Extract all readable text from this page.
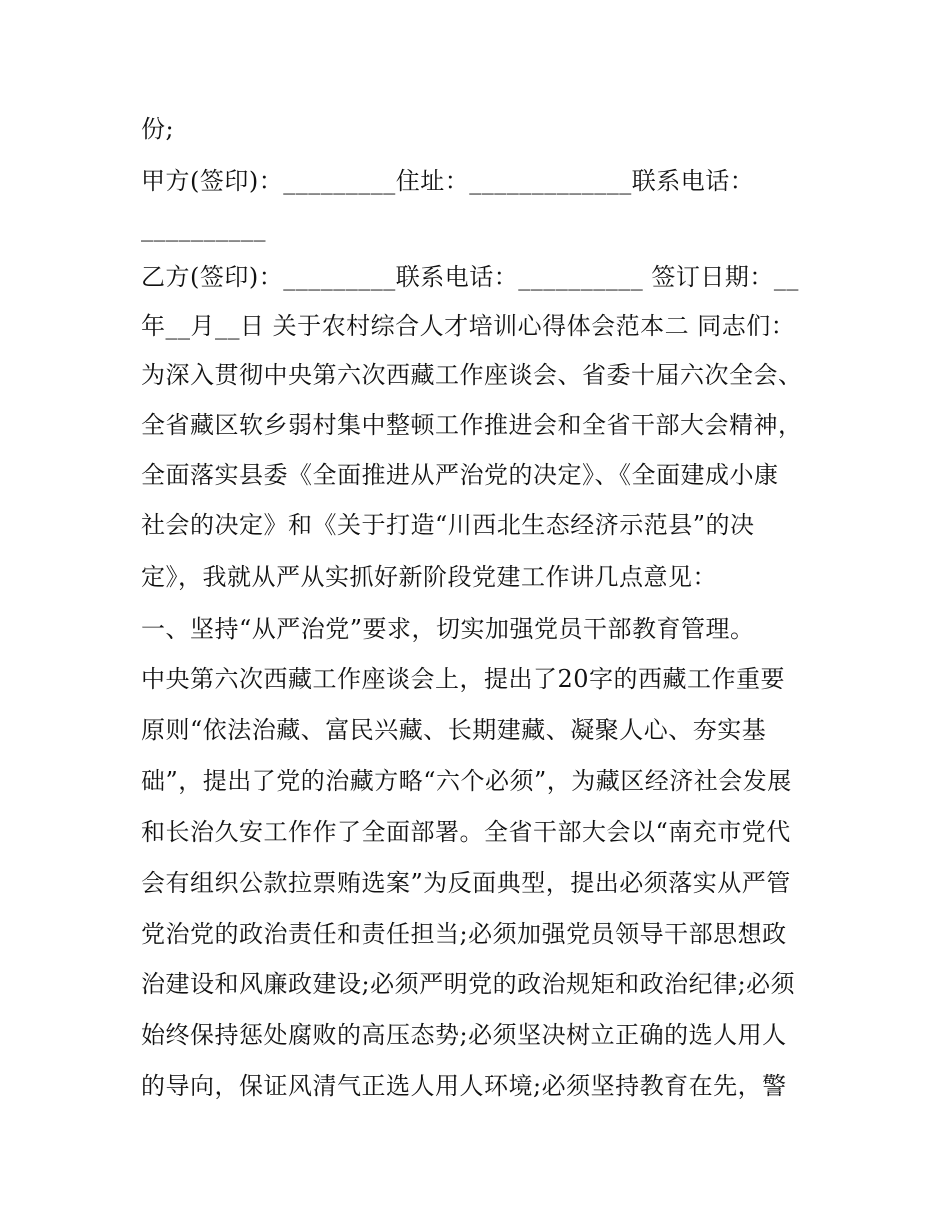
份;
甲方(签印)：_________住址：_____________联系电话：
__________
乙方(签印)：_________联系电话：__________ 签订日期：__
年__月__日 关于农村综合人才培训心得体会范本二 同志们：
为深入贯彻中央第六次西藏工作座谈会、省委十届六次全会、
全省藏区软乡弱村集中整顿工作推进会和全省干部大会精神，
全面落实县委《全面推进从严治党的决定》、《全面建成小康
社会的决定》和《关于打造“川西北生态经济示范县”的决
定》，我就从严从实抓好新阶段党建工作讲几点意见：
一、坚持“从严治党”要求，切实加强党员干部教育管理。
中央第六次西藏工作座谈会上，提出了20字的西藏工作重要
原则“依法治藏、富民兴藏、长期建藏、凝聚人心、夯实基
础”，提出了党的治藏方略“六个必须”，为藏区经济社会发展
和长治久安工作作了全面部署。全省干部大会以“南充市党代
会有组织公款拉票贿选案”为反面典型，提出必须落实从严管
党治党的政治责任和责任担当;必须加强党员领导干部思想政
治建设和风廉政建设;必须严明党的政治规矩和政治纪律;必须
始终保持惩处腐败的高压态势;必须坚决树立正确的选人用人
的导向，保证风清气正选人用人环境;必须坚持教育在先，警
